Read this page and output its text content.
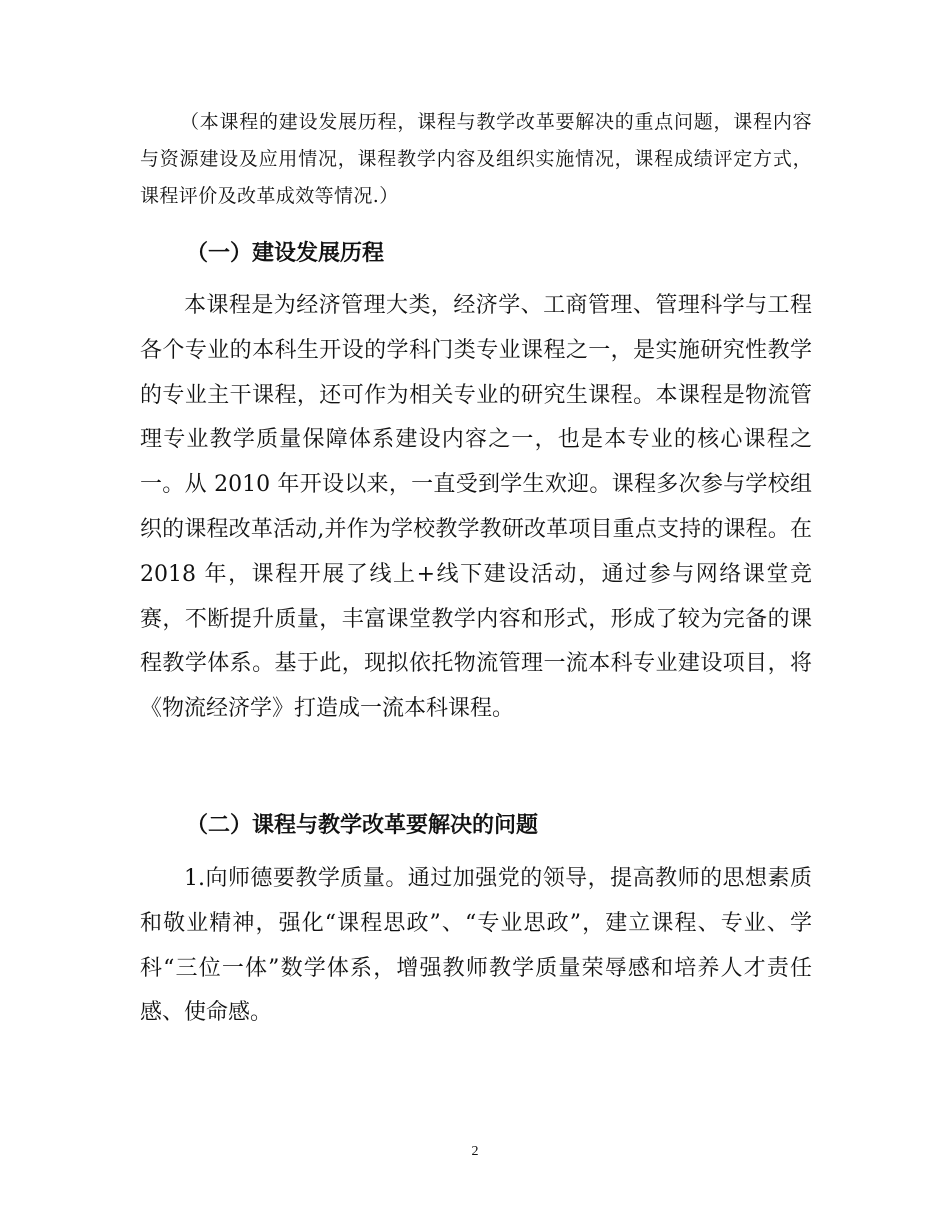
（本课程的建设发展历程，课程与教学改革要解决的重点问题，课程内容与资源建设及应用情况，课程教学内容及组织实施情况，课程成绩评定方式，课程评价及改革成效等情况.）

（一）建设发展历程

本课程是为经济管理大类，经济学、工商管理、管理科学与工程各个专业的本科生开设的学科门类专业课程之一，是实施研究性教学的专业主干课程，还可作为相关专业的研究生课程。本课程是物流管理专业教学质量保障体系建设内容之一，也是本专业的核心课程之一。从 2010 年开设以来，一直受到学生欢迎。课程多次参与学校组织的课程改革活动,并作为学校教学教研改革项目重点支持的课程。在 2018 年，课程开展了线上+线下建设活动，通过参与网络课堂竞赛，不断提升质量，丰富课堂教学内容和形式，形成了较为完备的课程教学体系。基于此，现拟依托物流管理一流本科专业建设项目，将《物流经济学》打造成一流本科课程。

（二）课程与教学改革要解决的问题

1.向师德要教学质量。通过加强党的领导，提高教师的思想素质和敬业精神，强化“课程思政”、“专业思政”，建立课程、专业、学科“三位一体”数学体系，增强教师教学质量荣辱感和培养人才责任感、使命感。

2
